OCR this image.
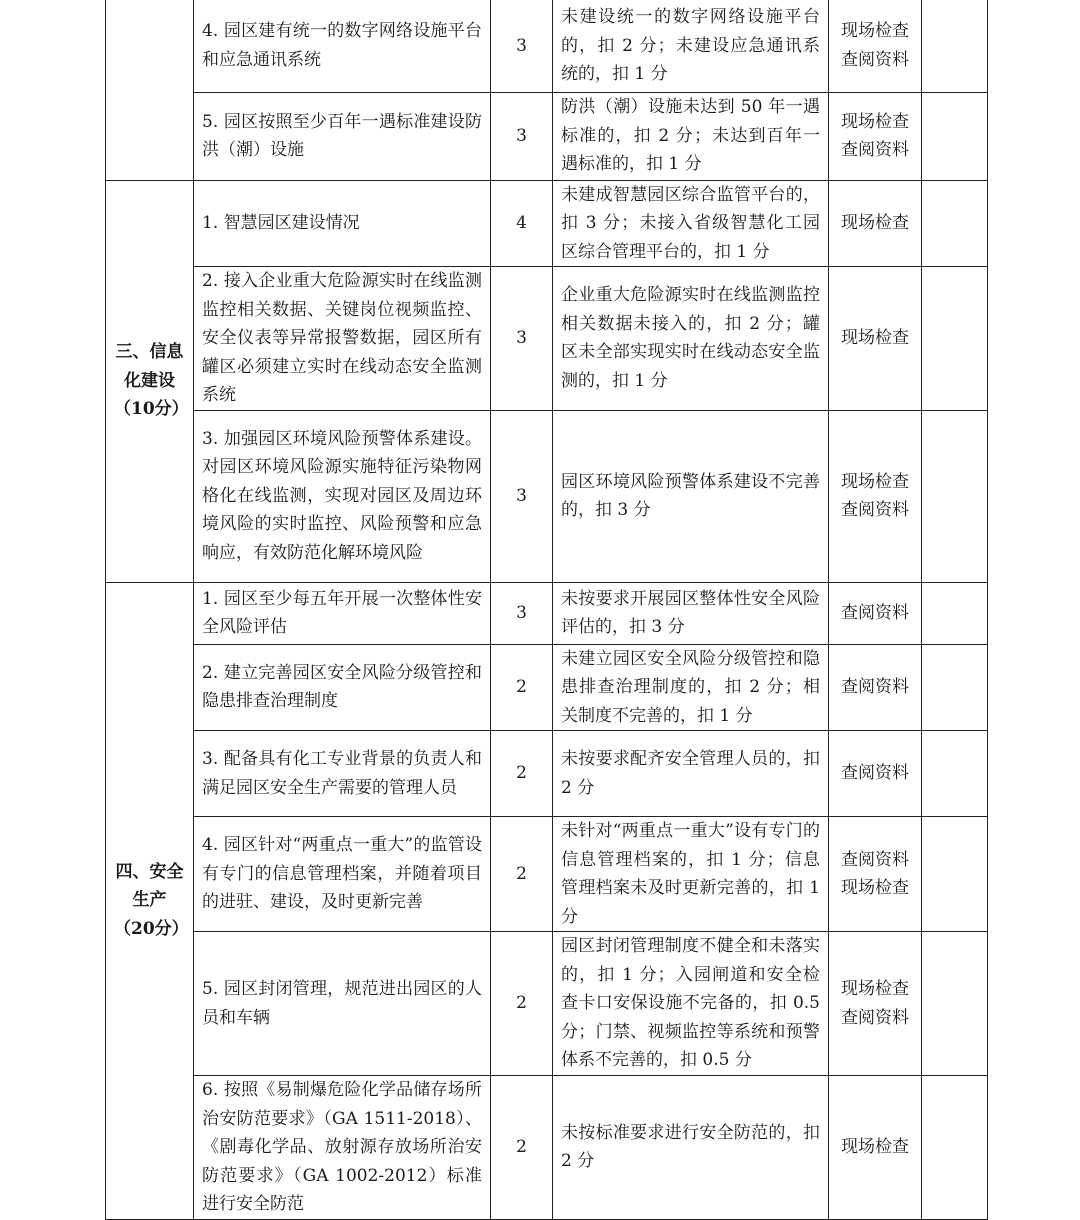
	4. 园区建有统一的数字网络设施平台和应急通讯系统	3	未建设统一的数字网络设施平台的，扣 2 分；未建设应急通讯系统的，扣 1 分	现场检查
查阅资料	

	5. 园区按照至少百年一遇标准建设防洪（潮）设施	3	防洪（潮）设施未达到 50 年一遇标准的，扣 2 分；未达到百年一遇标准的，扣 1 分	现场检查
查阅资料	
三、信息化建设（10分）	1. 智慧园区建设情况	4	未建成智慧园区综合监管平台的，扣 3 分；未接入省级智慧化工园区综合管理平台的，扣 1 分	现场检查	

	2. 接入企业重大危险源实时在线监测监控相关数据、关键岗位视频监控、安全仪表等异常报警数据，园区所有罐区必须建立实时在线动态安全监测系统	3	企业重大危险源实时在线监测监控相关数据未接入的，扣 2 分；罐区未全部实现实时在线动态安全监测的，扣 1 分	现场检查	

	3. 加强园区环境风险预警体系建设。对园区环境风险源实施特征污染物网格化在线监测，实现对园区及周边环境风险的实时监控、风险预警和应急响应，有效防范化解环境风险	3	园区环境风险预警体系建设不完善的，扣 3 分	现场检查
查阅资料	
四、安全生产（20分）	1. 园区至少每五年开展一次整体性安全风险评估	3	未按要求开展园区整体性安全风险评估的，扣 3 分	查阅资料	

	2. 建立完善园区安全风险分级管控和隐患排查治理制度	2	未建立园区安全风险分级管控和隐患排查治理制度的，扣 2 分；相关制度不完善的，扣 1 分	查阅资料	

	3. 配备具有化工专业背景的负责人和满足园区安全生产需要的管理人员	2	未按要求配齐安全管理人员的，扣 2 分	查阅资料	

	4. 园区针对“两重点一重大”的监管设有专门的信息管理档案，并随着项目的进驻、建设，及时更新完善	2	未针对“两重点一重大”设有专门的信息管理档案的，扣 1 分；信息管理档案未及时更新完善的，扣 1 分	查阅资料
现场检查	

	5. 园区封闭管理，规范进出园区的人员和车辆	2	园区封闭管理制度不健全和未落实的，扣 1 分；入园闸道和安全检查卡口安保设施不完备的，扣 0.5 分；门禁、视频监控等系统和预警体系不完善的，扣 0.5 分	现场检查
查阅资料	

	6. 按照《易制爆危险化学品储存场所治安防范要求》（GA 1511-2018）、《剧毒化学品、放射源存放场所治安防范要求》（GA 1002-2012）标准进行安全防范	2	未按标准要求进行安全防范的，扣 2 分	现场检查	
